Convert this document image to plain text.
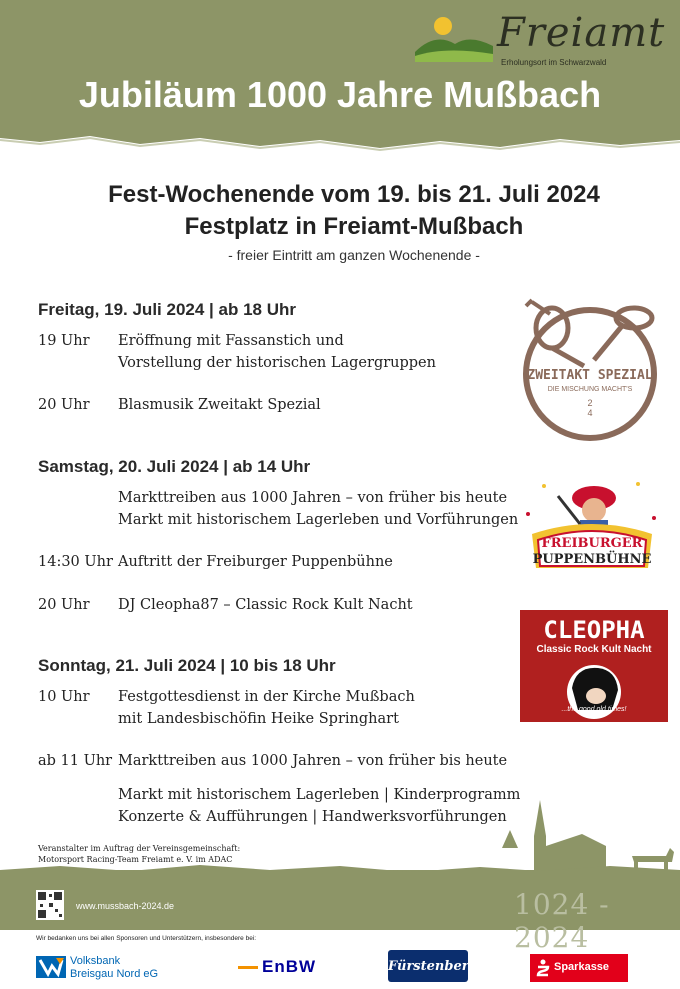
Freiamt
Erholungsort im Schwarzwald
Jubiläum 1000 Jahre Mußbach
Fest-Wochenende vom 19. bis 21. Juli 2024
Festplatz in Freiamt-Mußbach
- freier Eintritt am ganzen Wochenende -
Freitag, 19. Juli 2024 | ab 18 Uhr
19 Uhr Eröffnung mit Fassanstich und
Vorstellung der historischen Lagergruppen
20 Uhr Blasmusik Zweitakt Spezial
Samstag, 20. Juli 2024 | ab 14 Uhr
Markttreiben aus 1000 Jahren – von früher bis heute
Markt mit historischem Lagerleben und Vorführungen
14:30 Uhr Auftritt der Freiburger Puppenbühne
20 Uhr DJ Cleopha87 – Classic Rock Kult Nacht
Sonntag, 21. Juli 2024 | 10 bis 18 Uhr
10 Uhr Festgottesdienst in der Kirche Mußbach
mit Landesbischöfin Heike Springhart
ab 11 Uhr Markttreiben aus 1000 Jahren – von früher bis heute
Markt mit historischem Lagerleben | Kinderprogramm
Konzerte & Aufführungen | Handwerksvorführungen
ZWEITAKT SPEZIAL
DIE MISCHUNG MACHT'S
2
4
FREIBURGER
PUPPENBÜHNE
CLEOPHA
Classic Rock Kult Nacht
...the good old times!
Veranstalter im Auftrag der Vereinsgemeinschaft:
Motorsport Racing-Team Freiamt e. V. im ADAC
www.mussbach-2024.de	1024 - 2024
Wir bedanken uns bei allen Sponsoren und Unterstützern, insbesondere bei:
Volksbank
Breisgau Nord eG	EnBW	Fürstenberg	Sparkasse
